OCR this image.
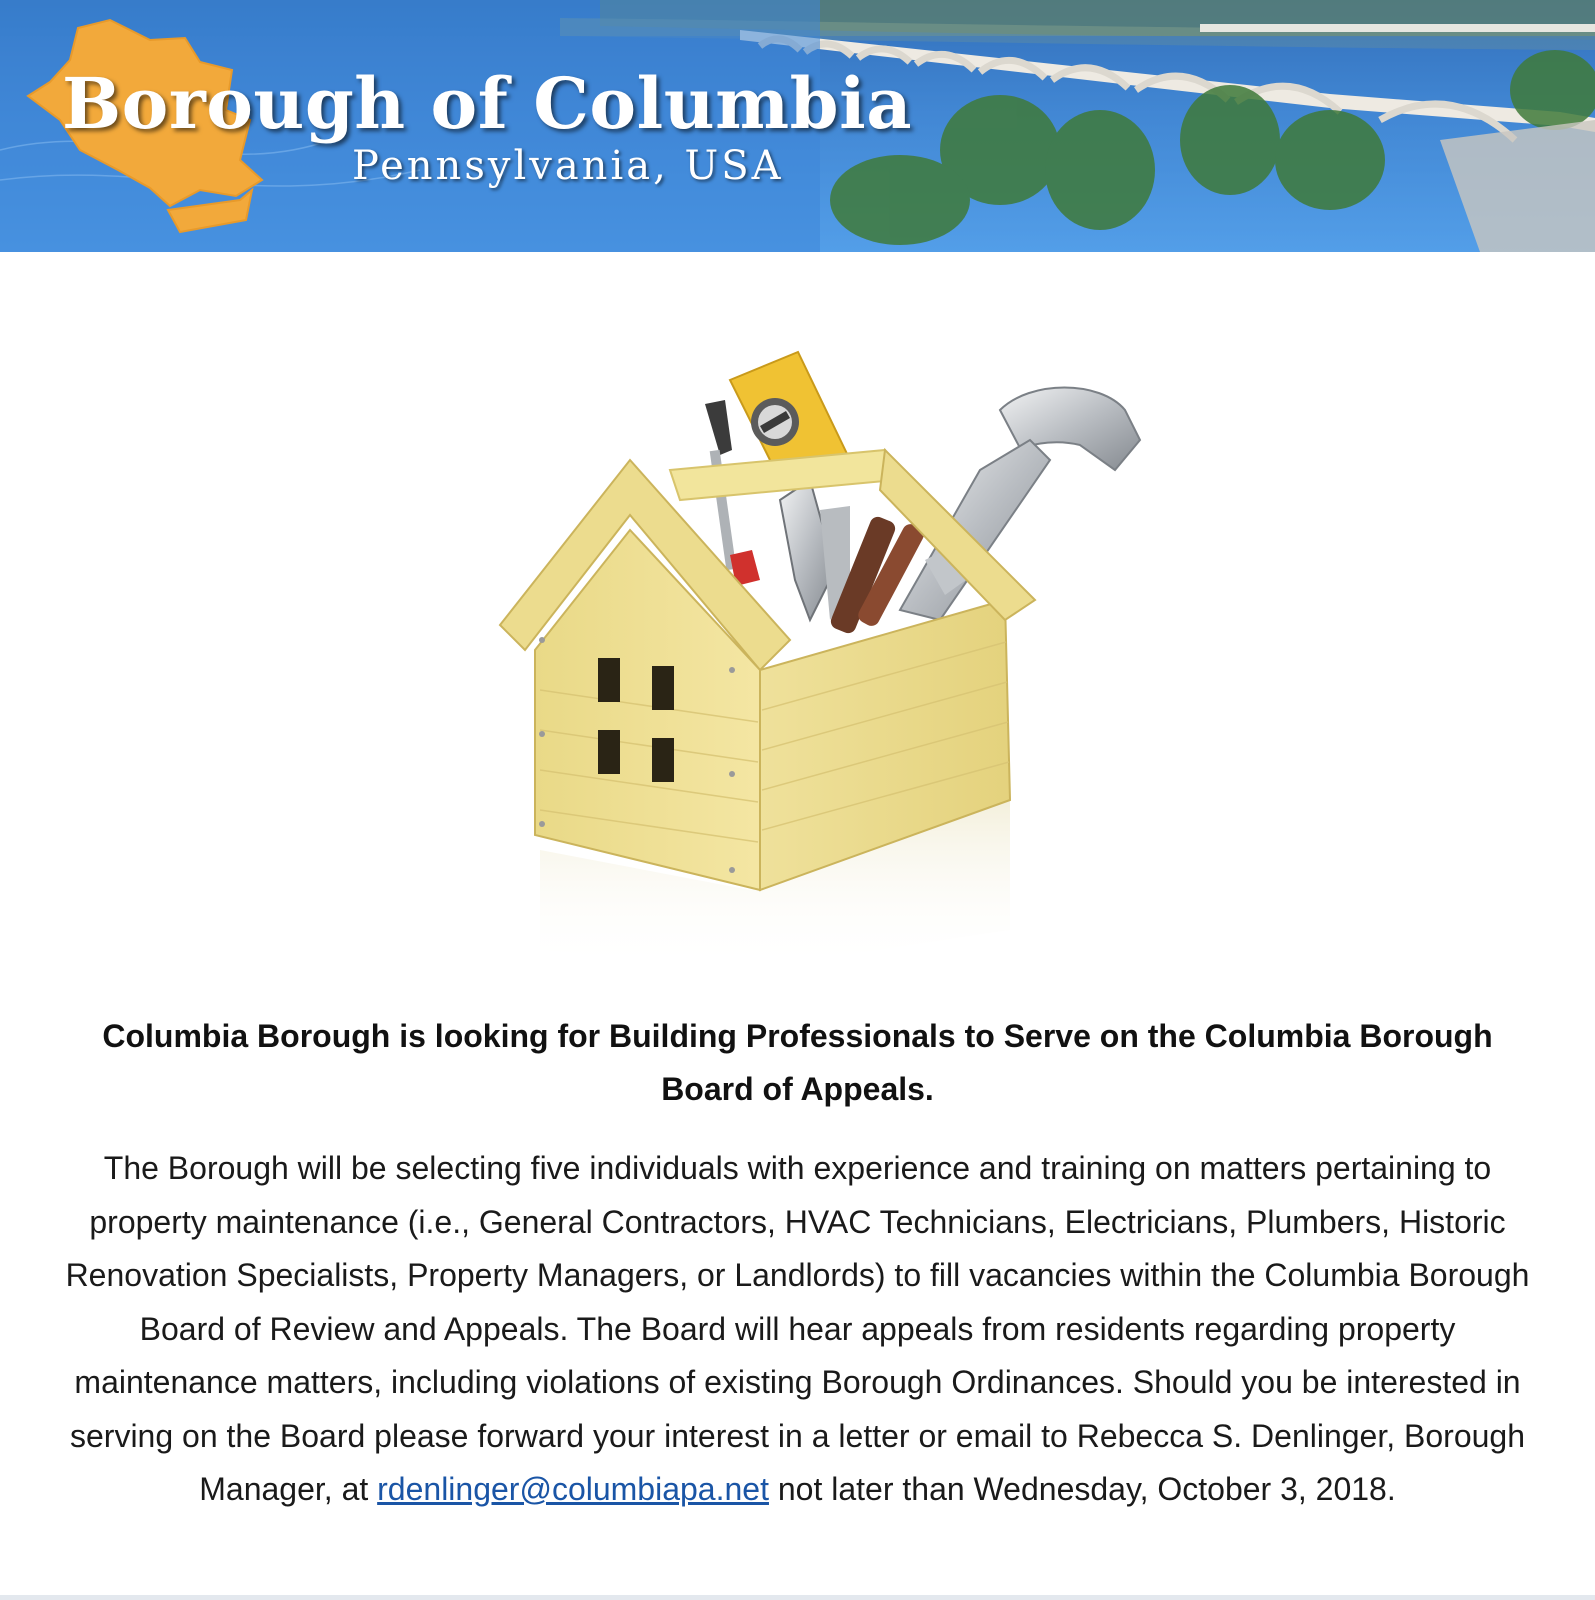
Borough of Columbia
Pennsylvania, USA
Columbia Borough is looking for Building Professionals to Serve on the Columbia Borough Board of Appeals.
The Borough will be selecting five individuals with experience and training on matters pertaining to property maintenance (i.e., General Contractors, HVAC Technicians, Electricians, Plumbers, Historic Renovation Specialists, Property Managers, or Landlords) to fill vacancies within the Columbia Borough Board of Review and Appeals. The Board will hear appeals from residents regarding property maintenance matters, including violations of existing Borough Ordinances. Should you be interested in serving on the Board please forward your interest in a letter or email to Rebecca S. Denlinger, Borough Manager, at rdenlinger@columbiapa.net not later than Wednesday, October 3, 2018.
